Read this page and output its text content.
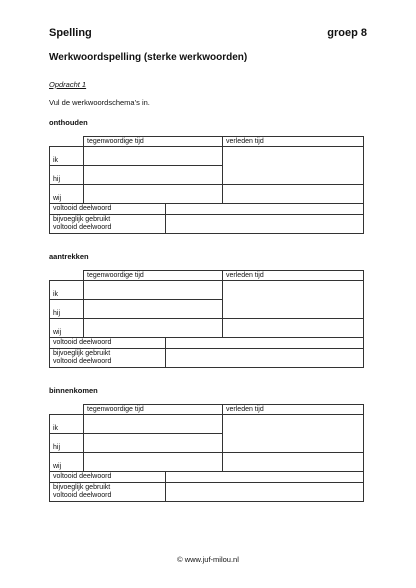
Spelling	groep 8
Werkwoordspelling (sterke werkwoorden)
Opdracht 1
Vul de werkwoordschema’s in.
onthouden
	tegenwoordige tijd		verleden tijd
ik			
hij			
wij			
voltooid deelwoord			
bijvoeglijk gebruikt
voltooid deelwoord			
aantrekken
	tegenwoordige tijd		verleden tijd
ik			
hij			
wij			
voltooid deelwoord			
bijvoeglijk gebruikt
voltooid deelwoord			
binnenkomen
	tegenwoordige tijd		verleden tijd
ik			
hij			
wij			
voltooid deelwoord			
bijvoeglijk gebruikt
voltooid deelwoord			
© www.juf-milou.nl
